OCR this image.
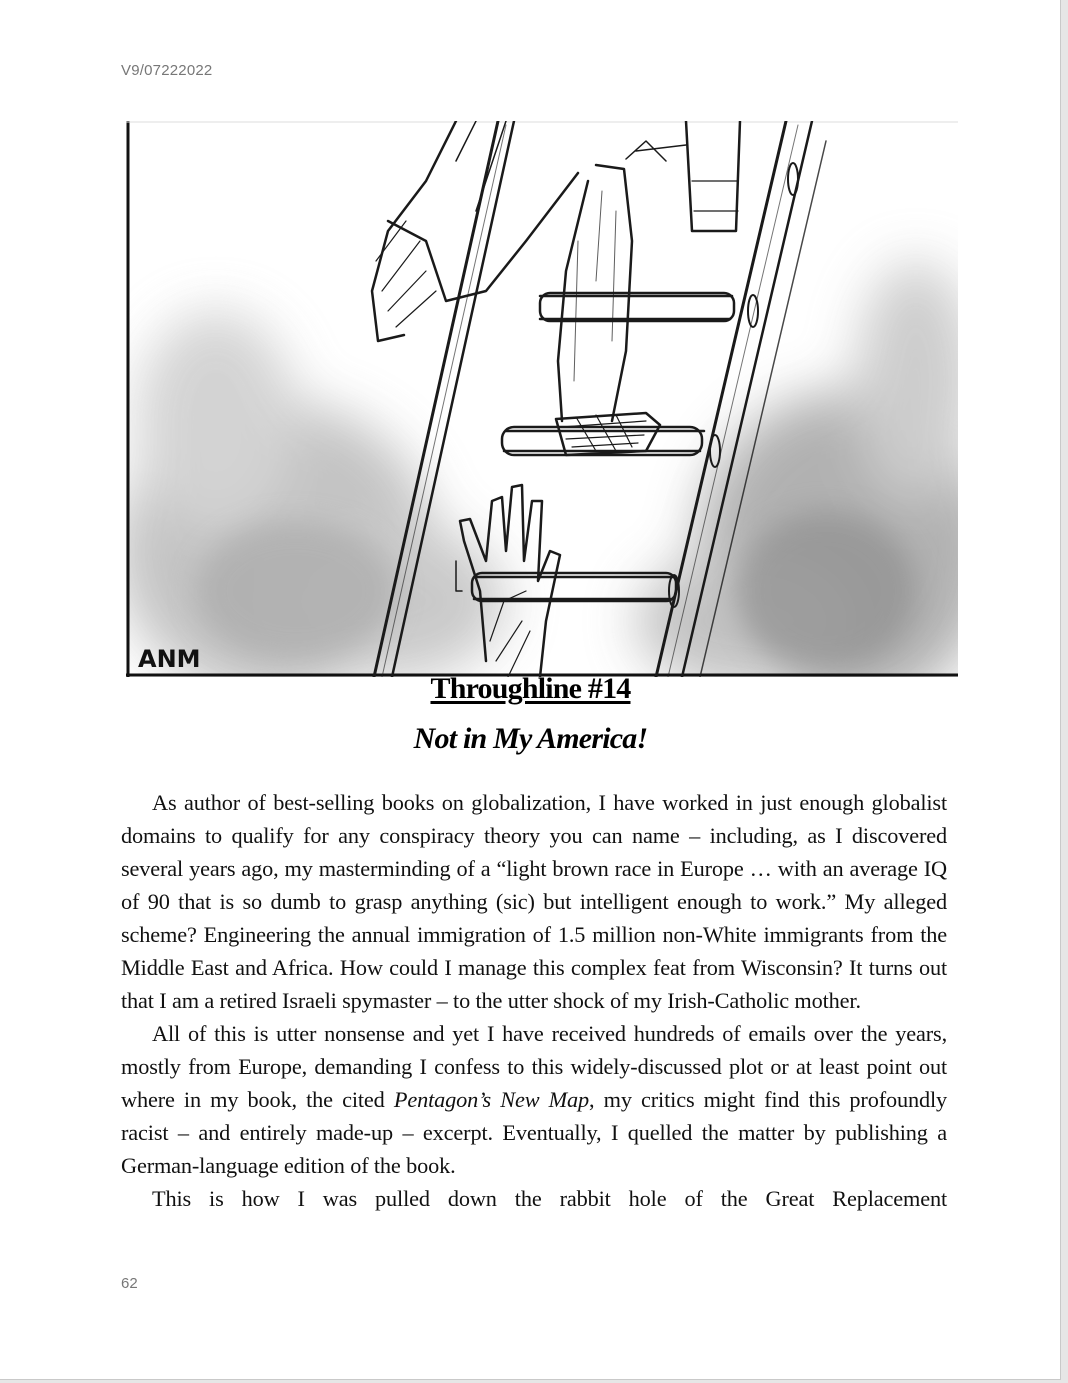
V9/07222022
ANM
Throughline #14
Not in My America!

As author of best-selling books on globalization, I have worked in just enough globalist domains to qualify for any conspiracy theory you can name – including, as I discovered several years ago, my masterminding of a “light brown race in Europe … with an average IQ of 90 that is so dumb to grasp anything (sic) but intelligent enough to work.” My alleged scheme? Engineering the annual immigration of 1.5 million non-White immigrants from the Middle East and Africa. How could I manage this complex feat from Wisconsin? It turns out that I am a retired Israeli spymaster – to the utter shock of my Irish-Catholic mother.

All of this is utter nonsense and yet I have received hundreds of emails over the years, mostly from Europe, demanding I confess to this widely-discussed plot or at least point out where in my book, the cited Pentagon’s New Map, my critics might find this profoundly racist – and entirely made-up – excerpt. Eventually, I quelled the matter by publishing a German-language edition of the book.

This is how I was pulled down the rabbit hole of the Great Replacement

62
